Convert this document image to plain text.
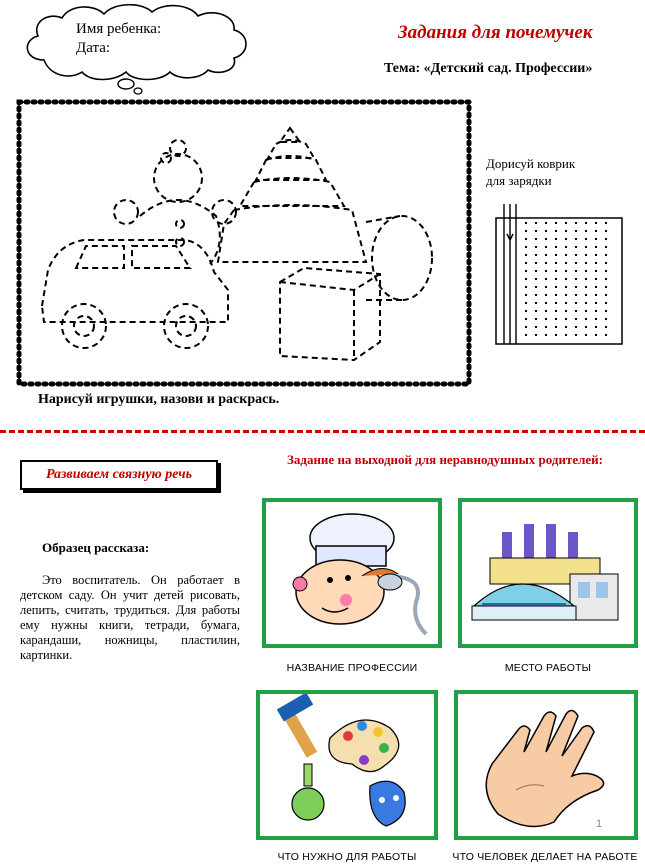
Имя ребенка:
Дата:
Задания для почемучек
Тема: «Детский сад. Профессии»
Нарисуй игрушки, назови и раскрась.
Дорисуй коврик
для зарядки
Развиваем связную речь
Задание на выходной для неравнодушных родителей:
Образец рассказа:
Это воспитатель. Он работает в детском саду. Он учит детей рисовать, лепить, считать, трудиться. Для работы ему нужны книги, тетради, бумага, карандаши, ножницы, пластилин, картинки.
НАЗВАНИЕ ПРОФЕССИИ	МЕСТО РАБОТЫ
ЧТО НУЖНО ДЛЯ РАБОТЫ
1
ЧТО ЧЕЛОВЕК ДЕЛАЕТ НА РАБОТЕ
